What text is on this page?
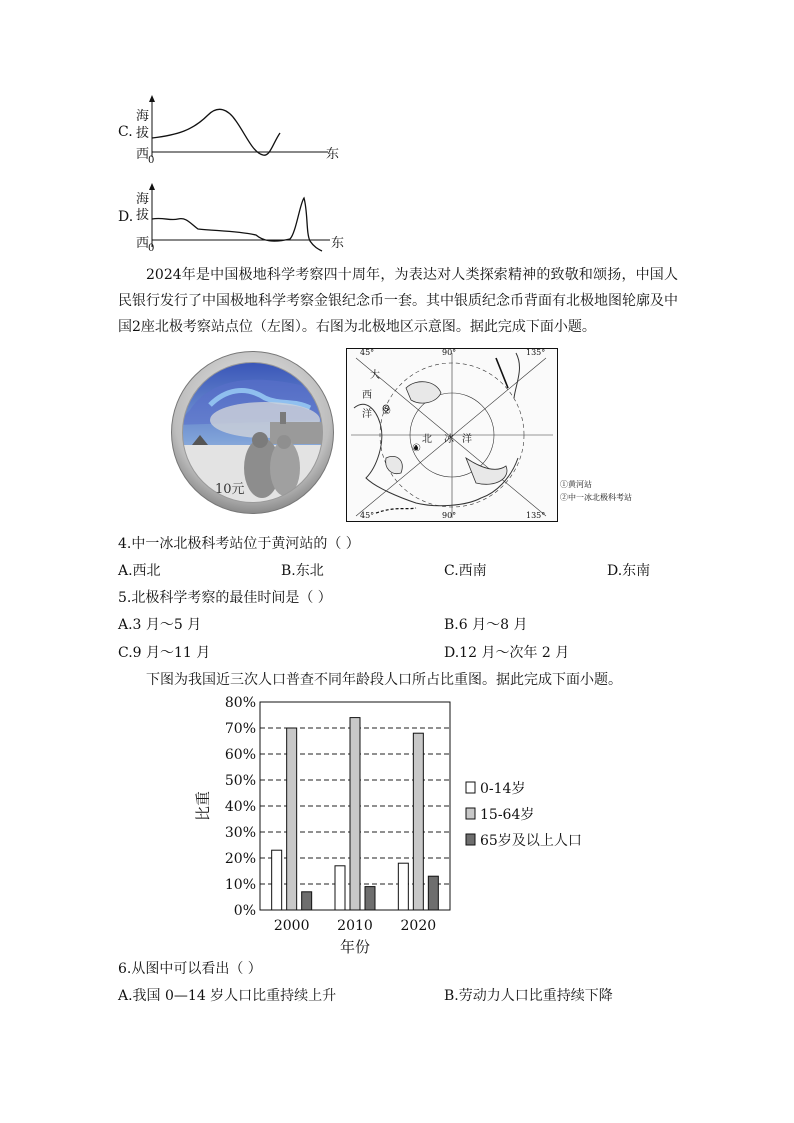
C.
海
拔
西
0	东
D.
海
拔
西
0	东
2024年是中国极地科学考察四十周年，为表达对人类探索精神的致敬和颂扬，中国人民银行发行了中国极地科学考察金银纪念币一套。其中银质纪念币背面有北极地图轮廓及中国2座北极考察站点位（左图）。右图为北极地区示意图。据此完成下面小题。
10元
45°	90°	135°
45°	90°	135°
大
西
洋
北 冰 洋
①
②
①黄河站
②中一冰北极科考站
4.中一冰北极科考站位于黄河站的（ ）
A.西北	B.东北	C.西南	D.东南
5.北极科学考察的最佳时间是（ ）
A.3 月～5 月	B.6 月～8 月
C.9 月～11 月	D.12 月～次年 2 月
下图为我国近三次人口普查不同年龄段人口所占比重图。据此完成下面小题。
0%
10%
20%
30%
40%
50%
60%
70%
80%
2000 2010 2020
年份
比重
0-14岁
15-64岁
65岁及以上人口
6.从图中可以看出（ ）
A.我国 0—14 岁人口比重持续上升	B.劳动力人口比重持续下降
